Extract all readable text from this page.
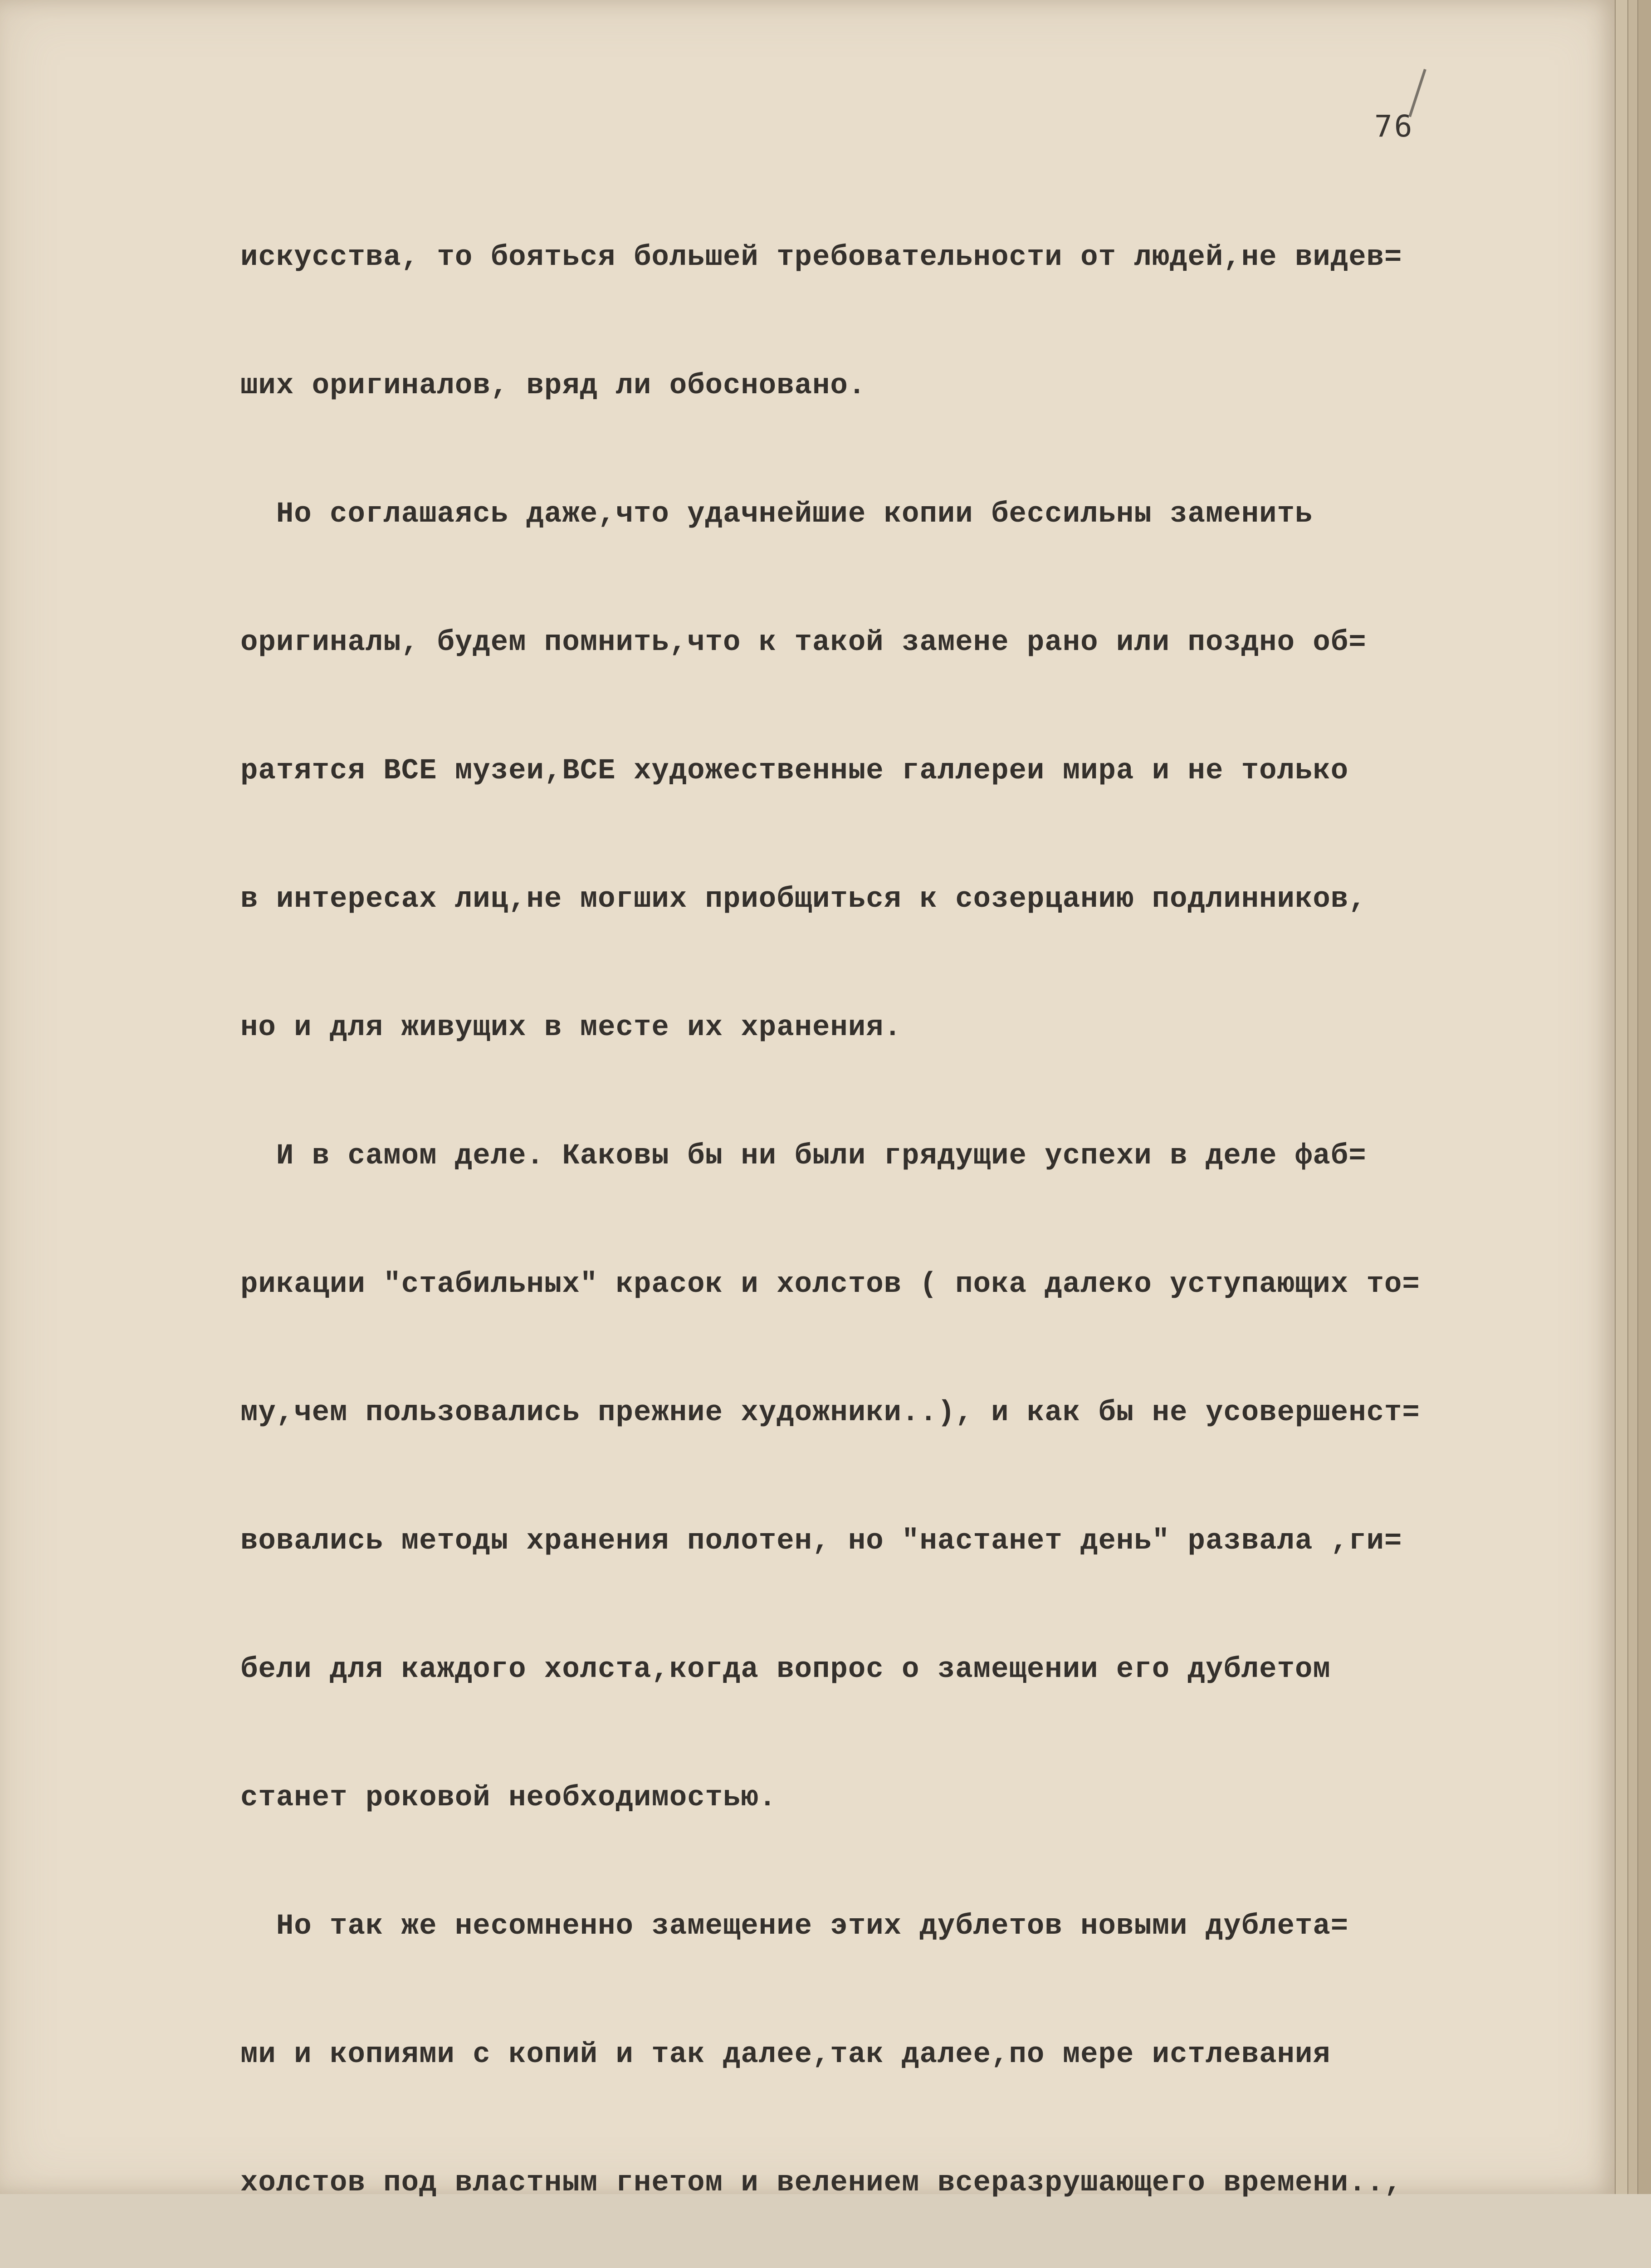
76

искусства, то бояться большей требовательности от людей,не видев=

ших оригиналов, вряд ли обосновано.

Но соглашаясь даже,что удачнейшие копии бессильны заменить

оригиналы, будем помнить,что к такой замене рано или поздно об=

ратятся ВСЕ музеи,ВСЕ художественные галлереи мира и не только

в интересах лиц,не могших приобщиться к созерцанию подлинников,

но и для живущих в месте их хранения.

И в самом деле. Каковы бы ни были грядущие успехи в деле фаб=

рикации "стабильных" красок и холстов ( пока далеко уступающих то=

му,чем пользовались прежние художники..), и как бы не усовершенст=

вовались методы хранения полотен, но "настанет день" развала ,ги=

бели для каждого холста,когда вопрос о замещении его дублетом

станет роковой необходимостью.

Но так же несомненно замещение этих дублетов новыми дублета=

ми и копиями с копий и так далее,так далее,по мере истлевания

холстов под властным гнетом и велением всеразрушающего времени..,
